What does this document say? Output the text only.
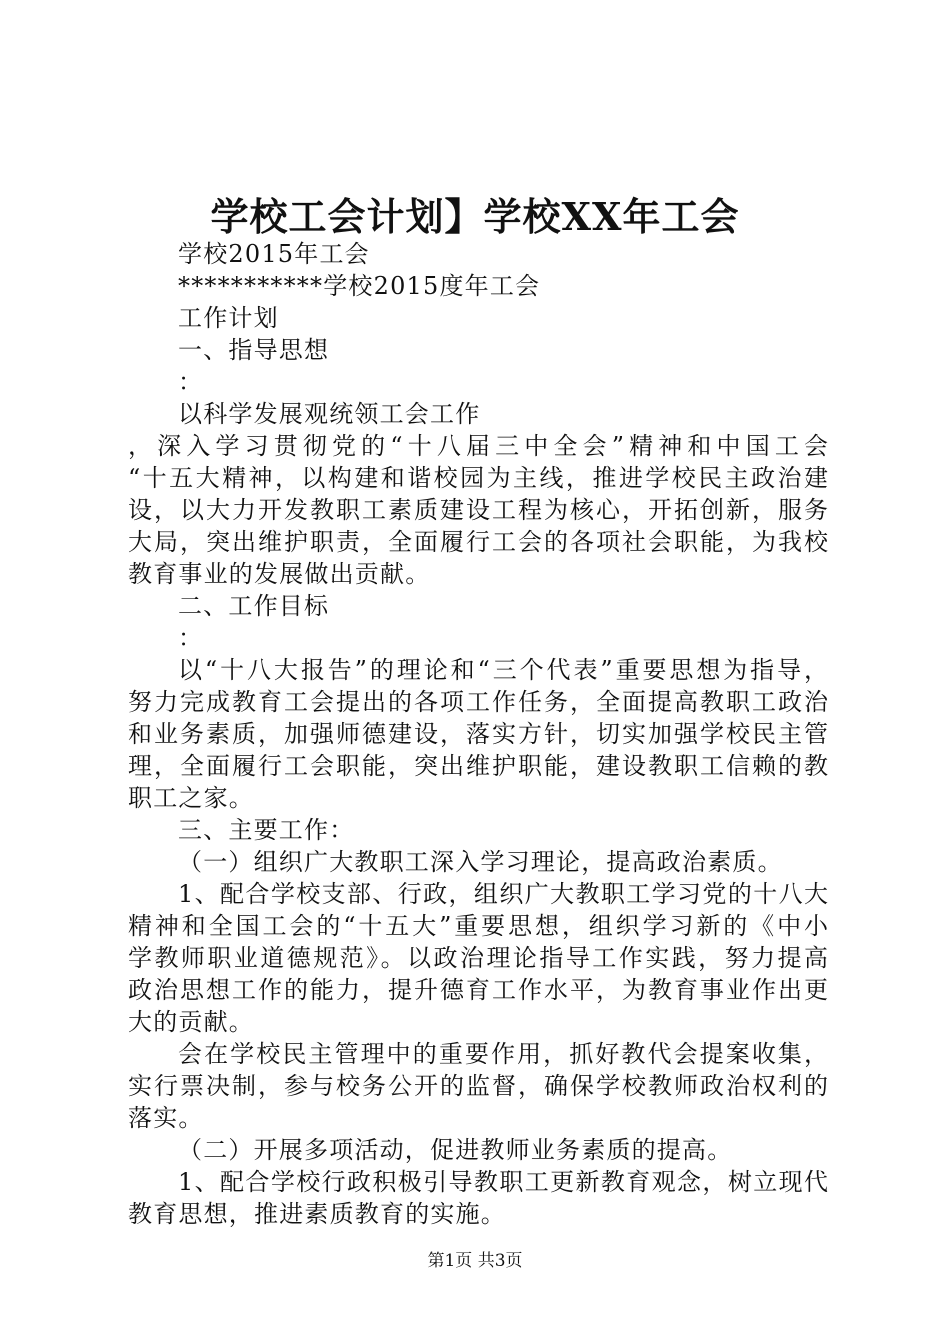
学校工会计划】学校XX年工会
学校2015年工会
***********学校2015度年工会
工作计划
一、指导思想
：
以科学发展观统领工会工作
，深入学习贯彻党的“十八届三中全会”精神和中国工会
“十五大精神，以构建和谐校园为主线，推进学校民主政治建
设，以大力开发教职工素质建设工程为核心，开拓创新，服务
大局，突出维护职责，全面履行工会的各项社会职能，为我校
教育事业的发展做出贡献。
二、工作目标
：
以“十八大报告”的理论和“三个代表”重要思想为指导，
努力完成教育工会提出的各项工作任务，全面提高教职工政治
和业务素质，加强师德建设，落实方针，切实加强学校民主管
理，全面履行工会职能，突出维护职能，建设教职工信赖的教
职工之家。
三、主要工作：
（一）组织广大教职工深入学习理论，提高政治素质。
1、配合学校支部、行政，组织广大教职工学习党的十八大
精神和全国工会的“十五大”重要思想，组织学习新的《中小
学教师职业道德规范》。以政治理论指导工作实践，努力提高
政治思想工作的能力，提升德育工作水平，为教育事业作出更
大的贡献。
会在学校民主管理中的重要作用，抓好教代会提案收集，
实行票决制，参与校务公开的监督，确保学校教师政治权利的
落实。
（二）开展多项活动，促进教师业务素质的提高。
1、配合学校行政积极引导教职工更新教育观念，树立现代
教育思想，推进素质教育的实施。
第1页 共3页
